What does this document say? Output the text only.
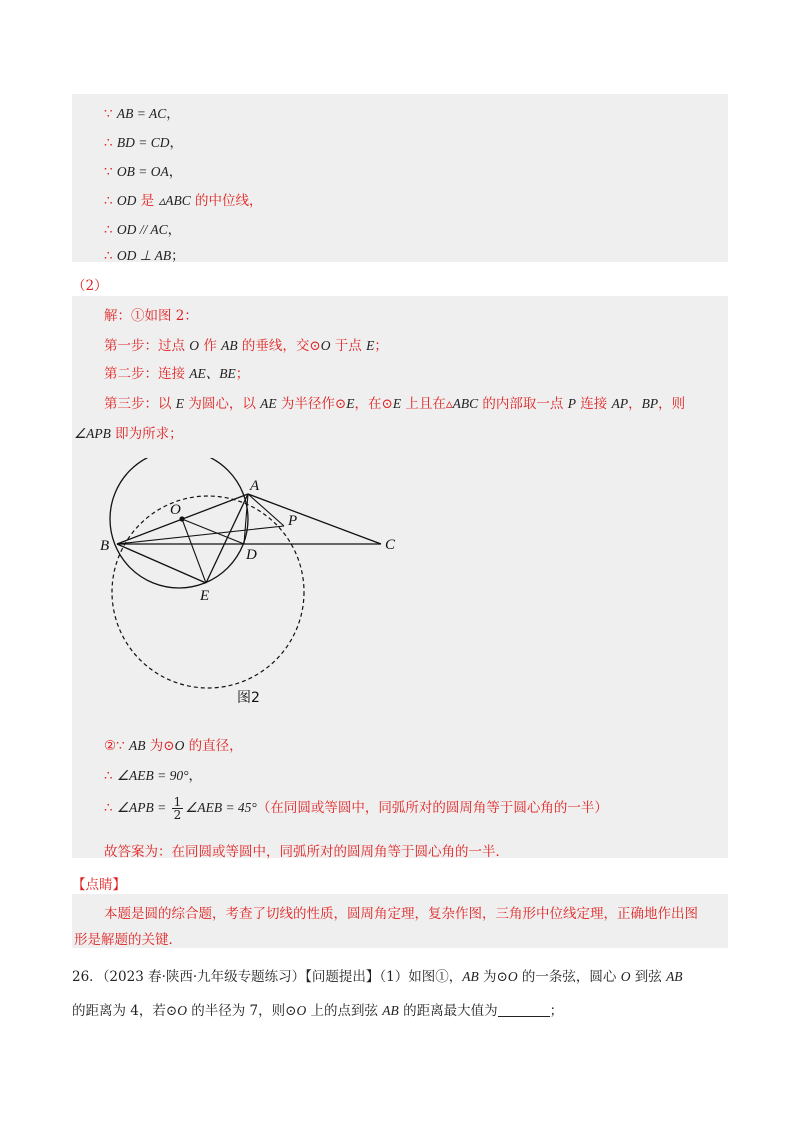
∵ AB = AC，
∴ BD = CD，
∵ OB = OA，
∴ OD 是 ▵ABC 的中位线，
∴ OD // AC，
∴ OD ⊥ AB；
（2）
解：①如图 2：
第一步：过点 O 作 AB 的垂线，交⊙O 于点 E；
第二步：连接 AE、BE；
第三步：以 E 为圆心，以 AE 为半径作⊙E，在⊙E 上且在▵ABC 的内部取一点 P 连接 AP，BP，则
∠APB 即为所求；
A
B	C
D
E
O
P
图2
②∵ AB 为⊙O 的直径，
∴ ∠AEB = 90°，
∴ ∠APB = $\frac{1}{2}$ ∠AEB = 45°（在同圆或等圆中，同弧所对的圆周角等于圆心角的一半）
故答案为：在同圆或等圆中，同弧所对的圆周角等于圆心角的一半．
【点睛】
本题是圆的综合题，考查了切线的性质，圆周角定理，复杂作图，三角形中位线定理，正确地作出图
形是解题的关键．
26．（2023 春·陕西·九年级专题练习）【问题提出】（1）如图①，AB 为⊙O 的一条弦，圆心 O 到弦 AB
的距离为 4，若⊙O 的半径为 7，则⊙O 上的点到弦 AB 的距离最大值为	；
